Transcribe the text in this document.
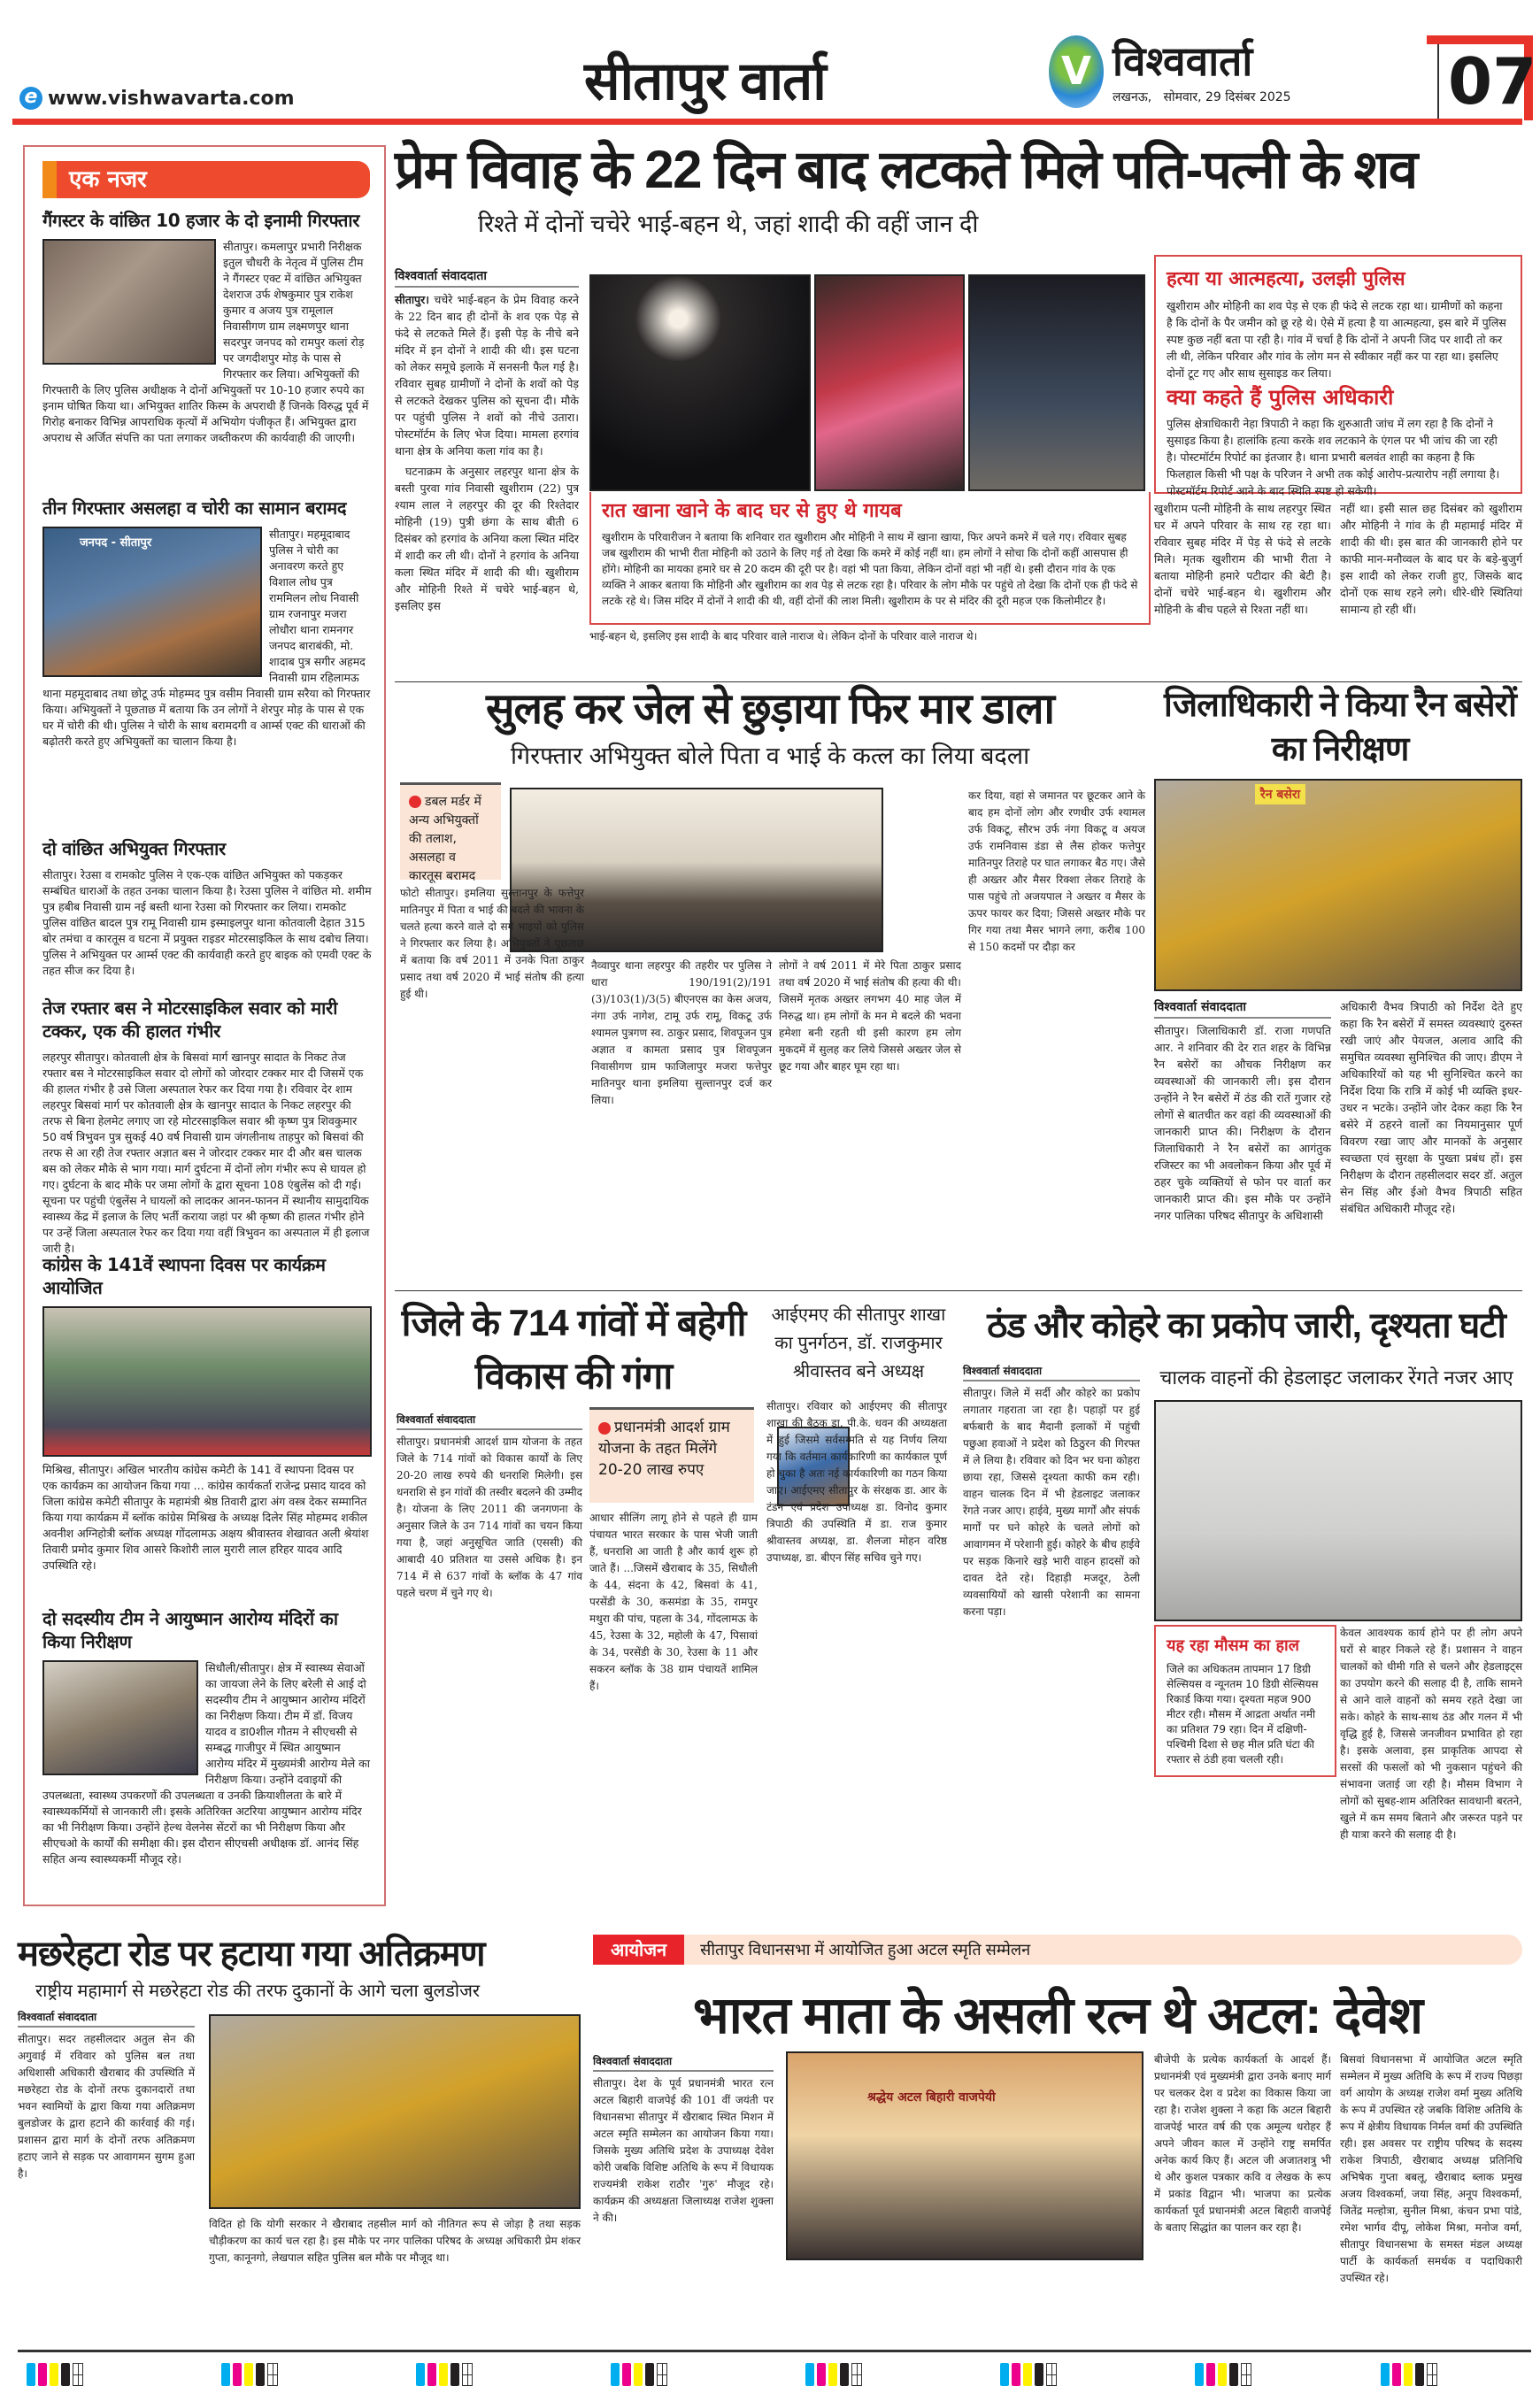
e www.vishwavarta.com	सीतापुर वार्ता	V विश्ववार्ता
लखनऊ,   सोमवार, 29 दिसंबर 2025 07
एक नजर
गैंगस्टर के वांछित 10 हजार के दो इनामी गिरफ्तार
सीतापुर। कमलापुर प्रभारी निरीक्षक इतुल चौधरी के नेतृत्व में पुलिस टीम ने गैंगस्टर एक्ट में वांछित अभियुक्त देशराज उर्फ शेषकुमार पुत्र राकेश कुमार व अजय पुत्र रामूलाल निवासीगण ग्राम लक्ष्मणपुर थाना सदरपुर जनपद को रामपुर कलां रोड़ पर जगदीशपुर मोड़ के पास से गिरफ्तार कर लिया। अभियुक्तों की गिरफ्तारी के लिए पुलिस अधीक्षक ने दोनों अभियुक्तों पर 10-10 हजार रुपये का इनाम घोषित किया था। अभियुक्त शातिर किस्म के अपराधी हैं जिनके विरुद्ध पूर्व में गिरोह बनाकर विभिन्न आपराधिक कृत्यों में अभियोग पंजीकृत हैं। अभियुक्त द्वारा अपराध से अर्जित संपत्ति का पता लगाकर जब्तीकरण की कार्यवाही की जाएगी।
तीन गिरफ्तार असलहा व चोरी का सामान बरामद
जनपद - सीतापुर
सीतापुर। महमूदाबाद पुलिस ने चोरी का अनावरण करते हुए विशाल लोध पुत्र राममिलन लोध निवासी ग्राम रजनापुर मजरा लोधौरा थाना रामनगर जनपद बाराबंकी, मो. शादाब पुत्र सगीर अहमद निवासी ग्राम रहिलामऊ थाना महमूदाबाद तथा छोटू उर्फ मोहम्मद पुत्र वसीम निवासी ग्राम सरैया को गिरफ्तार किया। अभियुक्तों ने पूछताछ में बताया कि उन लोगों ने शेरपुर मोड़ के पास से एक घर में चोरी की थी। पुलिस ने चोरी के साथ बरामदगी व आर्म्स एक्ट की धाराओं की बढ़ोतरी करते हुए अभियुक्तों का चालान किया है।
दो वांछित अभियुक्त गिरफ्तार
सीतापुर। रेउसा व रामकोट पुलिस ने एक-एक वांछित अभियुक्त को पकड़कर सम्बंधित धाराओं के तहत उनका चालान किया है। रेउसा पुलिस ने वांछित मो. शमीम पुत्र हबीब निवासी ग्राम नई बस्ती थाना रेउसा को गिरफ्तार कर लिया। रामकोट पुलिस वांछित बादल पुत्र रामू निवासी ग्राम इस्माइलपुर थाना कोतवाली देहात 315 बोर तमंचा व कारतूस व घटना में प्रयुक्त राइडर मोटरसाइकिल के साथ दबोच लिया। पुलिस ने अभियुक्त पर आर्म्स एक्ट की कार्यवाही करते हुए बाइक को एमवी एक्ट के तहत सीज कर दिया है।
तेज रफ्तार बस ने मोटरसाइकिल सवार को मारी टक्कर, एक की हालत गंभीर
लहरपुर सीतापुर। कोतवाली क्षेत्र के बिसवां मार्ग खानपुर सादात के निकट तेज रफ्तार बस ने मोटरसाइकिल सवार दो लोगों को जोरदार टक्कर मार दी जिसमें एक की हालत गंभीर है उसे जिला अस्पताल रेफर कर दिया गया है। रविवार देर शाम लहरपुर बिसवां मार्ग पर कोतवाली क्षेत्र के खानपुर सादात के निकट लहरपुर की तरफ से बिना हेलमेट लगाए जा रहे मोटरसाइकिल सवार श्री कृष्ण पुत्र शिवकुमार 50 वर्ष त्रिभुवन पुत्र सुकई 40 वर्ष निवासी ग्राम जंगलीनाथ ताहपुर को बिसवां की तरफ से आ रही तेज रफ्तार अज्ञात बस ने जोरदार टक्कर मार दी और बस चालक बस को लेकर मौके से भाग गया। मार्ग दुर्घटना में दोनों लोग गंभीर रूप से घायल हो गए। दुर्घटना के बाद मौके पर जमा लोगों के द्वारा सूचना 108 एंबुलेंस को दी गई। सूचना पर पहुंची एंबुलेंस ने घायलों को लादकर आनन-फानन में स्थानीय सामुदायिक स्वास्थ्य केंद्र में इलाज के लिए भर्ती कराया जहां पर श्री कृष्ण की हालत गंभीर होने पर उन्हें जिला अस्पताल रेफर कर दिया गया वहीं त्रिभुवन का अस्पताल में ही इलाज जारी है।
कांग्रेस के 141वें स्थापना दिवस पर कार्यक्रम आयोजित
मिश्रिख, सीतापुर। अखिल भारतीय कांग्रेस कमेटी के 141 वें स्थापना दिवस पर एक कार्यक्रम का आयोजन किया गया ... कांग्रेस कार्यकर्ता राजेन्द्र प्रसाद यादव को जिला कांग्रेस कमेटी सीतापुर के महामंत्री श्रेष्ठ तिवारी द्वारा अंग वस्त्र देकर सम्मानित किया गया कार्यक्रम में ब्लॉक कांग्रेस मिश्रिख के अध्यक्ष दिलेर सिंह मोहम्मद शकील अवनीश अग्निहोत्री ब्लॉक अध्यक्ष गोंदलामऊ अक्षय श्रीवास्तव शेखावत अली श्रेयांश तिवारी प्रमोद कुमार शिव आसरे किशोरी लाल मुरारी लाल हरिहर यादव आदि उपस्थिति रहे।
दो सदस्यीय टीम ने आयुष्मान आरोग्य मंदिरों का किया निरीक्षण
सिधौली/सीतापुर। क्षेत्र में स्वास्थ्य सेवाओं का जायजा लेने के लिए बरेली से आई दो सदस्यीय टीम ने आयुष्मान आरोग्य मंदिरों का निरीक्षण किया। टीम में डॉ. विजय यादव व डा0शील गौतम ने सीएचसी से सम्बद्ध गाजीपुर में स्थित आयुष्मान आरोग्य मंदिर में मुख्यमंत्री आरोग्य मेले का निरीक्षण किया। उन्होंने दवाइयों की उपलब्धता, स्वास्थ्य उपकरणों की उपलब्धता व उनकी क्रियाशीलता के बारे में स्वास्थ्यकर्मियों से जानकारी ली। इसके अतिरिक्त अटरिया आयुष्मान आरोग्य मंदिर का भी निरीक्षण किया। उन्होंने हेल्थ वेलनेस सेंटरों का भी निरीक्षण किया और सीएचओ के कार्यों की समीक्षा की। इस दौरान सीएचसी अधीक्षक डॉ. आनंद सिंह सहित अन्य स्वास्थ्यकर्मी मौजूद रहे।
प्रेम विवाह के 22 दिन बाद लटकते मिले पति-पत्नी के शव
रिश्ते में दोनों चचेरे भाई-बहन थे, जहां शादी की वहीं जान दी
विश्ववार्ता संवाददाता
सीतापुर। चचेरे भाई-बहन के प्रेम विवाह करने के 22 दिन बाद ही दोनों के शव एक पेड़ से फंदे से लटकते मिले हैं। इसी पेड़ के नीचे बने मंदिर में इन दोनों ने शादी की थी। इस घटना को लेकर समूचे इलाके में सनसनी फैल गई है। रविवार सुबह ग्रामीणों ने दोनों के शवों को पेड़ से लटकते देखकर पुलिस को सूचना दी। मौके पर पहुंची पुलिस ने शवों को नीचे उतारा। पोस्टमॉर्टम के लिए भेज दिया। मामला हरगांव थाना क्षेत्र के अनिया कला गांव का है।
घटनाक्रम के अनुसार लहरपुर थाना क्षेत्र के बस्ती पुरवा गांव निवासी खुशीराम (22) पुत्र श्याम लाल ने लहरपुर की दूर की रिश्तेदार मोहिनी (19) पुत्री छंगा के साथ बीती 6 दिसंबर को हरगांव के अनिया कला स्थित मंदिर में शादी कर ली थी। दोनों ने हरगांव के अनिया कला स्थित मंदिर में शादी की थी। खुशीराम और मोहिनी रिश्ते में चचेरे भाई-बहन थे, इसलिए इस
रात खाना खाने के बाद घर से हुए थे गायब
खुशीराम के परिवारीजन ने बताया कि शनिवार रात खुशीराम और मोहिनी ने साथ में खाना खाया, फिर अपने कमरे में चले गए। रविवार सुबह जब खुशीराम की भाभी रीता मोहिनी को उठाने के लिए गई तो देखा कि कमरे में कोई नहीं था। हम लोगों ने सोचा कि दोनों कहीं आसपास ही होंगे। मोहिनी का मायका हमारे घर से 20 कदम की दूरी पर है। वहां भी पता किया, लेकिन दोनों वहां भी नहीं थे। इसी दौरान गांव के एक व्यक्ति ने आकर बताया कि मोहिनी और खुशीराम का शव पेड़ से लटक रहा है। परिवार के लोग मौके पर पहुंचे तो देखा कि दोनों एक ही फंदे से लटके रहे थे। जिस मंदिर में दोनों ने शादी की थी, वहीं दोनों की लाश मिली। खुशीराम के पर से मंदिर की दूरी महज एक किलोमीटर है।
भाई-बहन थे, इसलिए इस शादी के बाद परिवार वाले नाराज थे। लेकिन दोनों के परिवार वाले नाराज थे।
हत्या या आत्महत्या, उलझी पुलिस
खुशीराम और मोहिनी का शव पेड़ से एक ही फंदे से लटक रहा था। ग्रामीणों को कहना है कि दोनों के पैर जमीन को छू रहे थे। ऐसे में हत्या है या आत्महत्या, इस बारे में पुलिस स्पष्ट कुछ नहीं बता पा रही है। गांव में चर्चा है कि दोनों ने अपनी जिद पर शादी तो कर ली थी, लेकिन परिवार और गांव के लोग मन से स्वीकार नहीं कर पा रहा था। इसलिए दोनों टूट गए और साथ सुसाइड कर लिया।
क्या कहते हैं पुलिस अधिकारी
पुलिस क्षेत्राधिकारी नेहा त्रिपाठी ने कहा कि शुरुआती जांच में लग रहा है कि दोनों ने सुसाइड किया है। हालांकि हत्या करके शव लटकाने के एंगल पर भी जांच की जा रही है। पोस्टमॉर्टम रिपोर्ट का इंतजार है। थाना प्रभारी बलवंत शाही का कहना है कि फिलहाल किसी भी पक्ष के परिजन ने अभी तक कोई आरोप-प्रत्यारोप नहीं लगाया है। पोस्टमॉर्टम रिपोर्ट आने के बाद स्थिति स्पष्ट हो सकेगी।
खुशीराम पत्नी मोहिनी के साथ लहरपुर स्थित घर में अपने परिवार के साथ रह रहा था। रविवार सुबह मंदिर में पेड़ से फंदे से लटके मिले। मृतक खुशीराम की भाभी रीता ने बताया मोहिनी हमारे पटीदार की बेटी है। दोनों चचेरे भाई-बहन थे। खुशीराम और मोहिनी के बीच पहले से रिश्ता नहीं था।
नहीं था। इसी साल छह दिसंबर को खुशीराम और मोहिनी ने गांव के ही महामाई मंदिर में शादी की थी। इस बात की जानकारी होने पर काफी मान-मनौव्वल के बाद घर के बड़े-बुजुर्ग इस शादी को लेकर राजी हुए, जिसके बाद दोनों एक साथ रहने लगे। धीरे-धीरे स्थितियां सामान्य हो रही थीं।
सुलह कर जेल से छुड़ाया फिर मार डाला
गिरफ्तार अभियुक्त बोले पिता व भाई के कत्ल का लिया बदला
डबल मर्डर में अन्य अभियुक्तों की तलाश, असलहा व कारतूस बरामद
फोटो सीतापुर। इमलिया सुल्तानपुर के फत्तेपुर मातिनपुर में पिता व भाई की बदले की भावना के चलते हत्या करने वाले दो सगे भाइयों को पुलिस ने गिरफ्तार कर लिया है। अभियुक्तों ने पूछताछ में बताया कि वर्ष 2011 में उनके पिता ठाकुर प्रसाद तथा वर्ष 2020 में भाई संतोष की हत्या हुई थी।
नैव्वापुर थाना लहरपुर की तहरीर पर पुलिस ने धारा 190/191(2)/191 (3)/103(1)/3(5) बीएनएस का केस अजय, नंगा उर्फ नागेश, टामू उर्फ रामू, विकटू उर्फ श्यामल पुत्रगण स्व. ठाकुर प्रसाद, शिवपूजन पुत्र अज्ञात व कामता प्रसाद पुत्र शिवपूजन निवासीगण ग्राम फाजिलापुर मजरा फत्तेपुर मातिनपुर थाना इमलिया सुल्तानपुर दर्ज कर लिया।
लोगों ने वर्ष 2011 में मेरे पिता ठाकुर प्रसाद तथा वर्ष 2020 में भाई संतोष की हत्या की थी। जिसमें मृतक अख्तर लगभग 40 माह जेल में निरुद्ध था। हम लोगों के मन मे बदले की भवना हमेशा बनी रहती थी इसी कारण हम लोग मुकदमें में सुलह कर लिये जिससे अख्तर जेल से छूट गया और बाहर घूम रहा था।
कर दिया, वहां से जमानत पर छूटकर आने के बाद हम दोनों लोग और रणधीर उर्फ श्यामल उर्फ विकटू, सौरभ उर्फ नंगा विकटू व अयज उर्फ रामनिवास डंडा से लैस होकर फत्तेपुर मातिनपुर तिराहे पर घात लगाकर बैठ गए। जैसे ही अख्तर और मैसर रिक्शा लेकर तिराहे के पास पहुंचे तो अजयपाल ने अख्तर व मैसर के ऊपर फायर कर दिया; जिससे अख्तर मौके पर गिर गया तथा मैसर भागने लगा, करीब 100 से 150 कदमों पर दौड़ा कर
जिलाधिकारी ने किया रैन बसेरों का निरीक्षण
रैन बसेरा
विश्ववार्ता संवाददाता
सीतापुर। जिलाधिकारी डॉ. राजा गणपति आर. ने शनिवार की देर रात शहर के विभिन्न रैन बसेरों का औचक निरीक्षण कर व्यवस्थाओं की जानकारी ली। इस दौरान उन्होंने ने रैन बसेरों में ठंड की रातें गुजार रहे लोगों से बातचीत कर वहां की व्यवस्थाओं की जानकारी प्राप्त की। निरीक्षण के दौरान जिलाधिकारी ने रैन बसेरों का आगंतुक रजिस्टर का भी अवलोकन किया और पूर्व में ठहर चुके व्यक्तियों से फोन पर वार्ता कर जानकारी प्राप्त की। इस मौके पर उन्होंने नगर पालिका परिषद सीतापुर के अधिशासी
अधिकारी वैभव त्रिपाठी को निर्देश देते हुए कहा कि रैन बसेरों में समस्त व्यवस्थाएं दुरुस्त रखी जाएं और पेयजल, अलाव आदि की समुचित व्यवस्था सुनिश्चित की जाए। डीएम ने अधिकारियों को यह भी सुनिश्चित करने का निर्देश दिया कि रात्रि में कोई भी व्यक्ति इधर-उधर न भटके। उन्होंने जोर देकर कहा कि रैन बसेरे में ठहरने वालों का नियमानुसार पूर्ण विवरण रखा जाए और मानकों के अनुसार स्वच्छता एवं सुरक्षा के पुख्ता प्रबंध हों। इस निरीक्षण के दौरान तहसीलदार सदर डॉ. अतुल सेन सिंह और ईओ वैभव त्रिपाठी सहित संबंधित अधिकारी मौजूद रहे।
जिले के 714 गांवों में बहेगी विकास की गंगा
विश्ववार्ता संवाददाता
सीतापुर। प्रधानमंत्री आदर्श ग्राम योजना के तहत जिले के 714 गांवों को विकास कार्यों के लिए 20-20 लाख रुपये की धनराशि मिलेगी। इस धनराशि से इन गांवों की तस्वीर बदलने की उम्मीद है। योजना के लिए 2011 की जनगणना के अनुसार जिले के उन 714 गांवों का चयन किया गया है, जहां अनुसूचित जाति (एससी) की आबादी 40 प्रतिशत या उससे अधिक है। इन 714 में से 637 गांवों के ब्लॉक के 47 गांव पहले चरण में चुने गए थे।
प्रधानमंत्री आदर्श ग्राम योजना के तहत मिलेंगे 20-20 लाख रुपए
आधार सीलिंग लागू होने से पहले ही ग्राम पंचायत भारत सरकार के पास भेजी जाती हैं, धनराशि आ जाती है और कार्य शुरू हो जाते हैं। ...जिसमें खैराबाद के 35, सिधौली के 44, संदना के 42, बिसवां के 41, परसेंडी के 30, कसमंडा के 35, रामपुर मथुरा की पांच, पहला के 34, गोंदलामऊ के 45, रेउसा के 32, महोली के 47, पिसावां के 34, परसेंडी के 30, रेउसा के 11 और सकरन ब्लॉक के 38 ग्राम पंचायतें शामिल हैं।
आईएमए की सीतापुर शाखा का पुनर्गठन, डॉ. राजकुमार श्रीवास्तव बने अध्यक्ष
सीतापुर। रविवार को आईएमए की सीतापुर शाखा की बैठक डा. पी.के. धवन की अध्यक्षता में हुई जिसमे सर्वसम्मति से यह निर्णय लिया गया कि वर्तमान कार्यकारिणी का कार्यकाल पूर्ण हो चुका है अतः नई कार्यकारिणी का गठन किया जाए। आईएमए सीतापुर के संरक्षक डा. आर के टंडन एवं प्रदेश उपाध्यक्ष डा. विनोद कुमार त्रिपाठी की उपस्थिति में डा. राज कुमार श्रीवास्तव अध्यक्ष, डा. शैलजा मोहन वरिष्ठ उपाध्यक्ष, डा. बीएन सिंह सचिव चुने गए।
ठंड और कोहरे का प्रकोप जारी, दृश्यता घटी
विश्ववार्ता संवाददाता
सीतापुर। जिले में सर्दी और कोहरे का प्रकोप लगातार गहराता जा रहा है। पहाड़ों पर हुई बर्फबारी के बाद मैदानी इलाकों में पहुंची पछुआ हवाओं ने प्रदेश को ठिठुरन की गिरफ्त में ले लिया है। रविवार को दिन भर घना कोहरा छाया रहा, जिससे दृश्यता काफी कम रही। वाहन चालक दिन में भी हेडलाइट जलाकर रेंगते नजर आए। हाईवे, मुख्य मार्गों और संपर्क मार्गों पर घने कोहरे के चलते लोगों को आवागमन में परेशानी हुई। कोहरे के बीच हाईवे पर सड़क किनारे खड़े भारी वाहन हादसों को दावत देते रहे। दिहाड़ी मजदूर, ठेली व्यवसायियों को खासी परेशानी का सामना करना पड़ा।
चालक वाहनों की हेडलाइट जलाकर रेंगते नजर आए
यह रहा मौसम का हाल
जिले का अधिकतम तापमान 17 डिग्री सेल्सियस व न्यूनतम 10 डिग्री सेल्सियस रिकार्ड किया गया। दृश्यता महज 900 मीटर रही। मौसम में आद्रता अर्थात नमी का प्रतिशत 79 रहा। दिन में दक्षिणी-पश्चिमी दिशा से छह मील प्रति घंटा की रफ्तार से ठंडी हवा चलली रही।
केवल आवश्यक कार्य होने पर ही लोग अपने घरों से बाहर निकले रहे हैं। प्रशासन ने वाहन चालकों को धीमी गति से चलने और हेडलाइट्स का उपयोग करने की सलाह दी है, ताकि सामने से आने वाले वाहनों को समय रहते देखा जा सके। कोहरे के साथ-साथ ठंड और गलन में भी वृद्धि हुई है, जिससे जनजीवन प्रभावित हो रहा है। इसके अलावा, इस प्राकृतिक आपदा से सरसों की फसलों को भी नुकसान पहुंचने की संभावना जताई जा रही है। मौसम विभाग ने लोगों को सुबह-शाम अतिरिक्त सावधानी बरतने, खुले में कम समय बिताने और जरूरत पड़ने पर ही यात्रा करने की सलाह दी है।
मछरेहटा रोड पर हटाया गया अतिक्रमण
राष्ट्रीय महामार्ग से मछरेहटा रोड की तरफ दुकानों के आगे चला बुलडोजर
विश्ववार्ता संवाददाता
सीतापुर। सदर तहसीलदार अतुल सेन की अगुवाई में रविवार को पुलिस बल तथा अधिशासी अधिकारी खैराबाद की उपस्थिति में मछरेहटा रोड के दोनों तरफ दुकानदारों तथा भवन स्वामियों के द्वारा किया गया अतिक्रमण बुलडोजर के द्वारा हटाने की कार्रवाई की गई। प्रशासन द्वारा मार्ग के दोनों तरफ अतिक्रमण हटाए जाने से सड़क पर आवागमन सुगम हुआ है।
विदित हो कि योगी सरकार ने खैराबाद तहसील मार्ग को नीतिगत रूप से जोड़ा है तथा सड़क चौड़ीकरण का कार्य चल रहा है। इस मौके पर नगर पालिका परिषद के अध्यक्ष अधिकारी प्रेम शंकर गुप्ता, कानूनगो, लेखपाल सहित पुलिस बल मौके पर मौजूद था।
आयोजन	सीतापुर विधानसभा में आयोजित हुआ अटल स्मृति सम्मेलन
भारत माता के असली रत्न थे अटल: देवेश
विश्ववार्ता संवाददाता
सीतापुर। देश के पूर्व प्रधानमंत्री भारत रत्न अटल बिहारी वाजपेई की 101 वीं जयंती पर विधानसभा सीतापुर में खैराबाद स्थित मिशन में अटल स्मृति सम्मेलन का आयोजन किया गया। जिसके मुख्य अतिथि प्रदेश के उपाध्यक्ष देवेश कोरी जबकि विशिष्ट अतिथि के रूप में विधायक राज्यमंत्री राकेश राठौर 'गुरु' मौजूद रहे। कार्यक्रम की अध्यक्षता जिलाध्यक्ष राजेश शुक्ला ने की।
श्रद्धेय अटल बिहारी वाजपेयी
बीजेपी के प्रत्येक कार्यकर्ता के आदर्श हैं। प्रधानमंत्री एवं मुख्यमंत्री द्वारा उनके बनाए मार्ग पर चलकर देश व प्रदेश का विकास किया जा रहा है। राजेश शुक्ला ने कहा कि अटल बिहारी वाजपेई भारत वर्ष की एक अमूल्य धरोहर हैं अपने जीवन काल में उन्होंने राष्ट्र समर्पित अनेक कार्य किए हैं। अटल जी अजातशत्रु भी थे और कुशल पत्रकार कवि व लेखक के रूप में प्रकांड विद्वान भी। भाजपा का प्रत्येक कार्यकर्ता पूर्व प्रधानमंत्री अटल बिहारी वाजपेई के बताए सिद्धांत का पालन कर रहा है।
बिसवां विधानसभा में आयोजित अटल स्मृति सम्मेलन में मुख्य अतिथि के रूप में राज्य पिछड़ा वर्ग आयोग के अध्यक्ष राजेश वर्मा मुख्य अतिथि के रूप में उपस्थित रहे जबकि विशिष्ट अतिथि के रूप में क्षेत्रीय विधायक निर्मल वर्मा की उपस्थिति रही। इस अवसर पर राष्ट्रीय परिषद के सदस्य राकेश त्रिपाठी, खैराबाद अध्यक्ष प्रतिनिधि अभिषेक गुप्ता बबलू, खैराबाद ब्लाक प्रमुख अजय विश्वकर्मा, जया सिंह, अनूप विश्वकर्मा, जितेंद्र मल्होत्रा, सुनील मिश्रा, कंचन प्रभा पांडे, रमेश भार्गव दीपू, लोकेश मिश्रा, मनोज वर्मा, सीतापुर विधानसभा के समस्त मंडल अध्यक्ष पार्टी के कार्यकर्ता समर्थक व पदाधिकारी उपस्थित रहे।
